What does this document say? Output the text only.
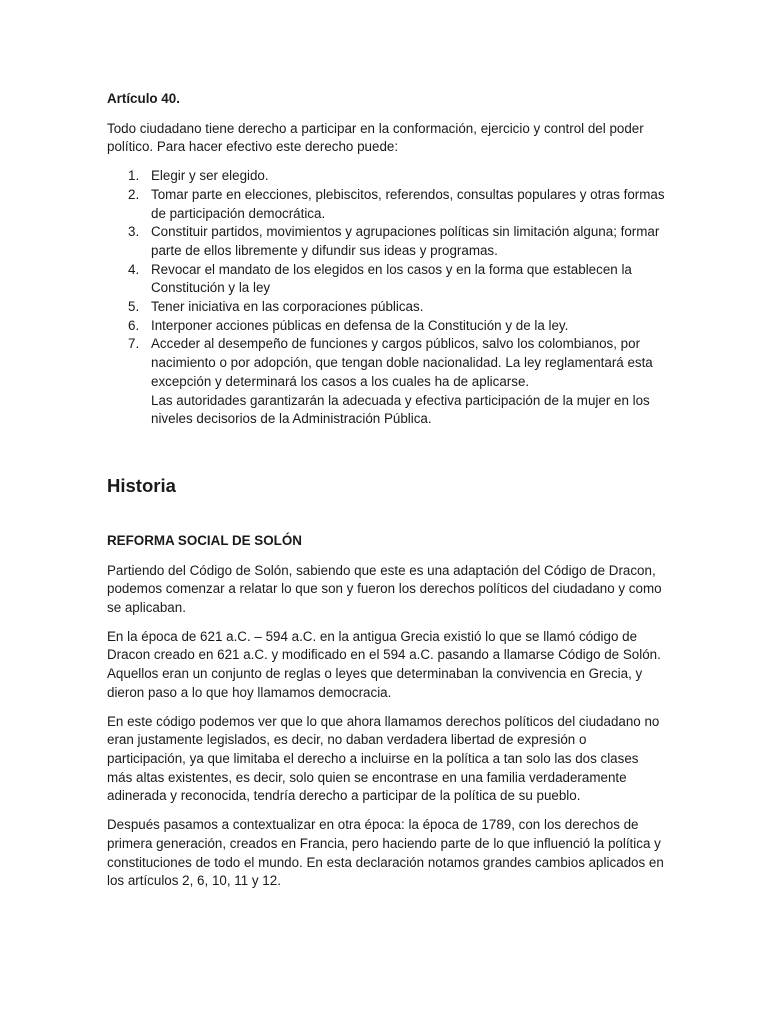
Artículo 40.

Todo ciudadano tiene derecho a participar en la conformación, ejercicio y control del poder político. Para hacer efectivo este derecho puede:

1. Elegir y ser elegido.
2. Tomar parte en elecciones, plebiscitos, referendos, consultas populares y otras formas de participación democrática.
3. Constituir partidos, movimientos y agrupaciones políticas sin limitación alguna; formar parte de ellos libremente y difundir sus ideas y programas.
4. Revocar el mandato de los elegidos en los casos y en la forma que establecen la Constitución y la ley
5. Tener iniciativa en las corporaciones públicas.
6. Interponer acciones públicas en defensa de la Constitución y de la ley.
7. Acceder al desempeño de funciones y cargos públicos, salvo los colombianos, por nacimiento o por adopción, que tengan doble nacionalidad. La ley reglamentará esta excepción y determinará los casos a los cuales ha de aplicarse.
Las autoridades garantizarán la adecuada y efectiva participación de la mujer en los niveles decisorios de la Administración Pública.
Historia
REFORMA SOCIAL DE SOLÓN

Partiendo del Código de Solón, sabiendo que este es una adaptación del Código de Dracon, podemos comenzar a relatar lo que son y fueron los derechos políticos del ciudadano y como se aplicaban.

En la época de 621 a.C. – 594 a.C. en la antigua Grecia existió lo que se llamó código de Dracon creado en 621 a.C. y modificado en el 594 a.C. pasando a llamarse Código de Solón. Aquellos eran un conjunto de reglas o leyes que determinaban la convivencia en Grecia, y dieron paso a lo que hoy llamamos democracia.

En este código podemos ver que lo que ahora llamamos derechos políticos del ciudadano no eran justamente legislados, es decir, no daban verdadera libertad de expresión o participación, ya que limitaba el derecho a incluirse en la política a tan solo las dos clases más altas existentes, es decir, solo quien se encontrase en una familia verdaderamente adinerada y reconocida, tendría derecho a participar de la política de su pueblo.

Después pasamos a contextualizar en otra época: la época de 1789, con los derechos de primera generación, creados en Francia, pero haciendo parte de lo que influenció la política y constituciones de todo el mundo. En esta declaración notamos grandes cambios aplicados en los artículos 2, 6, 10, 11 y 12.
